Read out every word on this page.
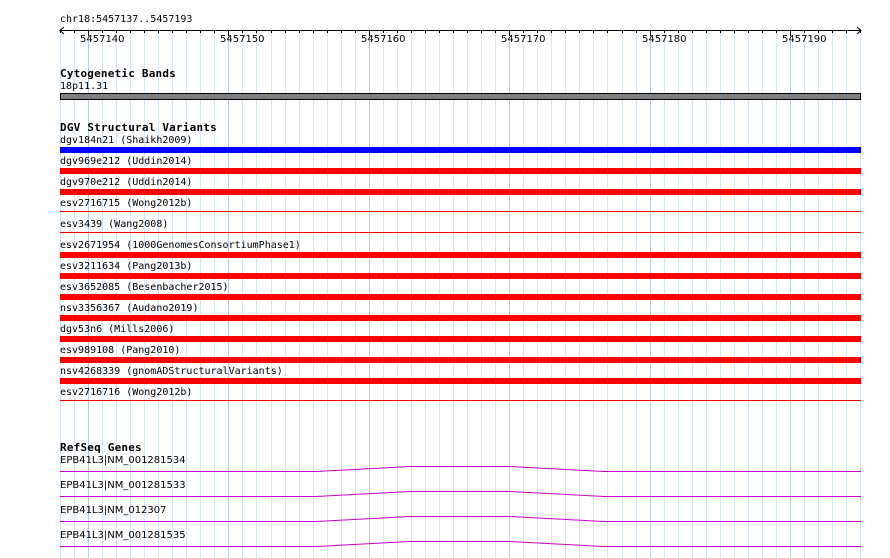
chr18:5457137..5457193
5457140	5457150	5457160	5457170	5457180	5457190
Cytogenetic Bands
18p11.31
DGV Structural Variants
dgv184n21 (Shaikh2009)
dgv969e212 (Uddin2014)
dgv970e212 (Uddin2014)
esv2716715 (Wong2012b)
esv3439 (Wang2008)
esv2671954 (1000GenomesConsortiumPhase1)
esv3211634 (Pang2013b)
esv3652085 (Besenbacher2015)
nsv3356367 (Audano2019)
dgv53n6 (Mills2006)
esv989108 (Pang2010)
nsv4268339 (gnomADStructuralVariants)
esv2716716 (Wong2012b)
RefSeq Genes
EPB41L3|NM_001281534
EPB41L3|NM_001281533
EPB41L3|NM_012307
EPB41L3|NM_001281535
